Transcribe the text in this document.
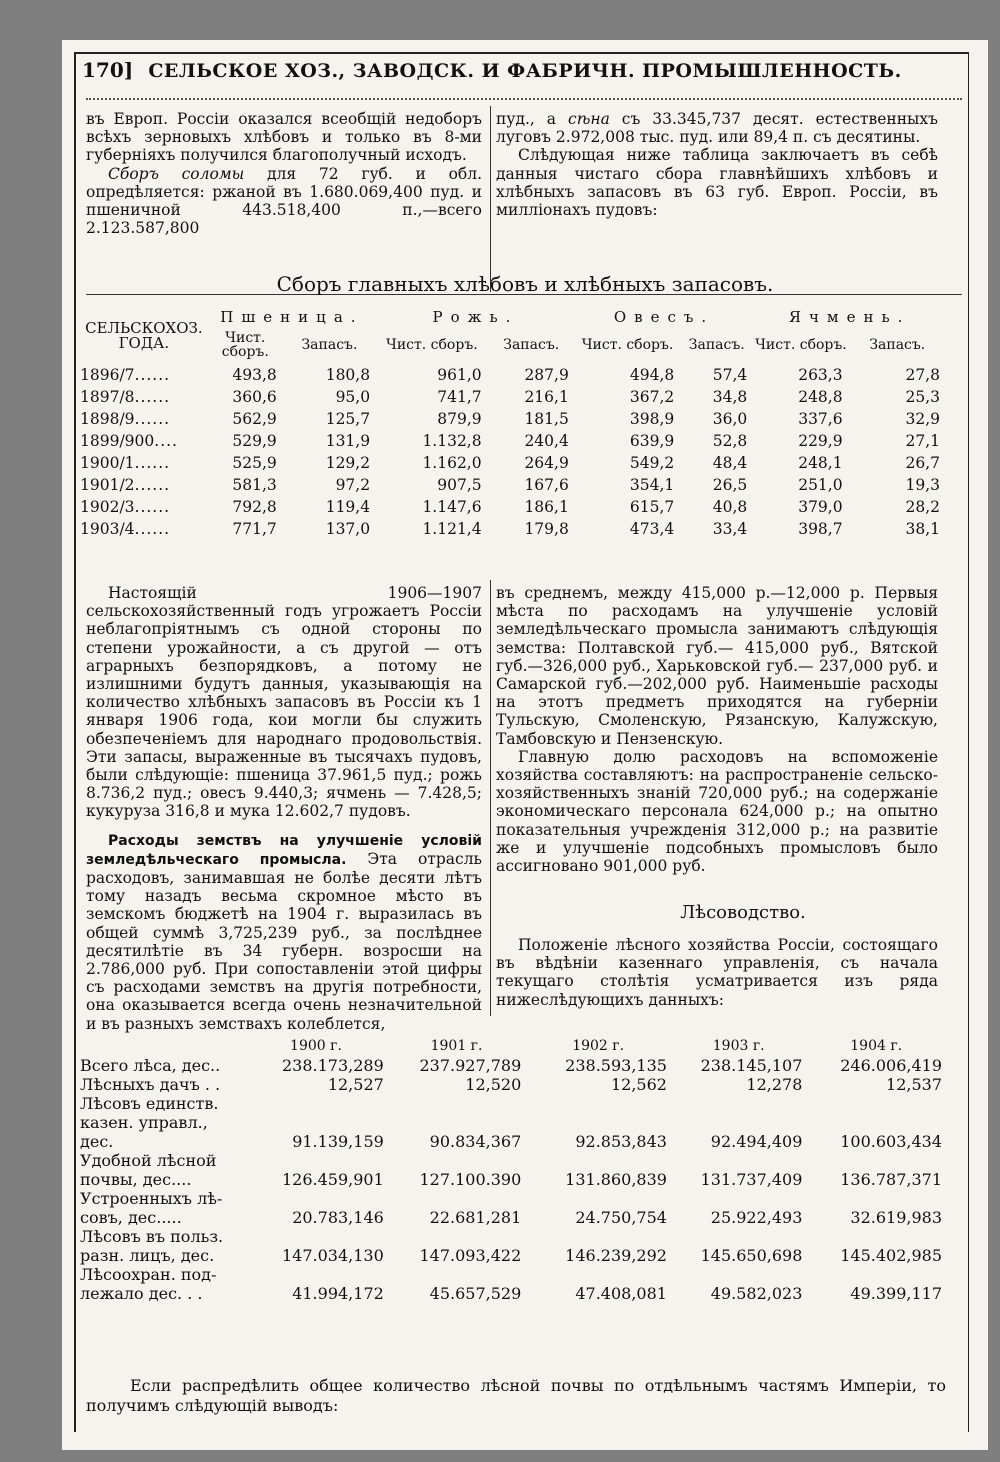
170] СЕЛЬСКОЕ ХОЗ., ЗАВОДСК. И ФАБРИЧН. ПРОМЫШЛЕННОСТЬ.

въ Европ. Россіи оказался всеобщій недоборъ всѣхъ зерновыхъ хлѣбовъ и только въ 8-ми губерніяхъ получился благополучный исходъ.

Сборъ соломы для 72 губ. и обл. опредѣляется: ржаной въ 1.680.069,400 пуд. и пшеничной 443.518,400 п.,—всего 2.123.587,800

пуд., а сѣна съ 33.345,737 десят. естественныхъ луговъ 2.972,008 тыс. пуд. или 89,4 п. съ десятины.

Слѣдующая ниже таблица заключаетъ въ себѣ данныя чистаго сбора главнѣйшихъ хлѣбовъ и хлѣбныхъ запасовъ въ 63 губ. Европ. Россіи, въ милліонахъ пудовъ:

Сборъ главныхъ хлѣбовъ и хлѣбныхъ запасовъ.
СЕЛЬСКОХОЗ. ГОДА.	Пшеница.		Рожь.		Овесъ.		Ячмень.	
	Чист. сборъ.	Запасъ.	Чист. сборъ.	Запасъ.	Чист. сборъ.	Запасъ.	Чист. сборъ.	Запасъ.
1896/7......	493,8	180,8	961,0	287,9	494,8	57,4	263,3	27,8
1897/8......	360,6	95,0	741,7	216,1	367,2	34,8	248,8	25,3
1898/9......	562,9	125,7	879,9	181,5	398,9	36,0	337,6	32,9
1899/900....	529,9	131,9	1.132,8	240,4	639,9	52,8	229,9	27,1
1900/1......	525,9	129,2	1.162,0	264,9	549,2	48,4	248,1	26,7
1901/2......	581,3	97,2	907,5	167,6	354,1	26,5	251,0	19,3
1902/3......	792,8	119,4	1.147,6	186,1	615,7	40,8	379,0	28,2
1903/4......	771,7	137,0	1.121,4	179,8	473,4	33,4	398,7	38,1

Настоящій 1906—1907 сельскохозяйственный годъ угрожаетъ Россіи неблагопріятнымъ съ одной стороны по степени урожайности, а съ другой — отъ аграрныхъ безпорядковъ, а потому не излишними будутъ данныя, указывающія на количество хлѣбныхъ запасовъ въ Россіи къ 1 января 1906 года, кои могли бы служить обезпеченіемъ для народнаго продовольствія. Эти запасы, выраженные въ тысячахъ пудовъ, были слѣдующіе: пшеница 37.961,5 пуд.; рожь 8.736,2 пуд.; овесъ 9.440,3; ячмень — 7.428,5; кукуруза 316,8 и мука 12.602,7 пудовъ.

Расходы земствъ на улучшеніе условій земледѣльческаго промысла. Эта отрасль расходовъ, занимавшая не болѣе десяти лѣтъ тому назадъ весьма скромное мѣсто въ земскомъ бюджетѣ на 1904 г. выразилась въ общей суммѣ 3,725,239 руб., за послѣднее десятилѣтіе въ 34 губерн. возросши на 2.786,000 руб. При сопоставленіи этой цифры съ расходами земствъ на другія потребности, она оказывается всегда очень незначительной и въ разныхъ земствахъ колеблется,

въ среднемъ, между 415,000 р.—12,000 р. Первыя мѣста по расходамъ на улучшеніе условій земледѣльческаго промысла занимаютъ слѣдующія земства: Полтавской губ.— 415,000 руб., Вятской губ.—326,000 руб., Харьковской губ.— 237,000 руб. и Самарской губ.—202,000 руб. Наименьшіе расходы на этотъ предметъ приходятся на губерніи Тульскую, Смоленскую, Рязанскую, Калужскую, Тамбовскую и Пензенскую.

Главную долю расходовъ на вспоможеніе хозяйства составляютъ: на распространеніе сельско-хозяйственныхъ знаній 720,000 руб.; на содержаніе экономическаго персонала 624,000 р.; на опытно показательныя учрежденія 312,000 р.; на развитіе же и улучшеніе подсобныхъ промысловъ было ассигновано 901,000 руб.

Лѣсоводство.

Положеніе лѣсного хозяйства Россіи, состоящаго въ вѣдѣніи казеннаго управленія, съ начала текущаго столѣтія усматривается изъ ряда нижеслѣдующихъ данныхъ:

	1900 г.	1901 г.	1902 г.	1903 г.	1904 г.

Всего лѣса, дес..	238.173,289	237.927,789	238.593,135	238.145,107	246.006,419

Лѣсныхъ дачъ . .	12,527	12,520	12,562	12,278	12,537

Лѣсовъ единств.
казен. управл.,
дес.	91.139,159	90.834,367	92.853,843	92.494,409	100.603,434

Удобной лѣсной
почвы, дес....	126.459,901	127.100.390	131.860,839	131.737,409	136.787,371

Устроенныхъ лѣ-
совъ, дес.....	20.783,146	22.681,281	24.750,754	25.922,493	32.619,983

Лѣсовъ въ польз.
разн. лицъ, дес.	147.034,130	147.093,422	146.239,292	145.650,698	145.402,985

Лѣсоохран. под-
лежало дес. . .	41.994,172	45.657,529	47.408,081	49.582,023	49.399,117

Если распредѣлить общее количество лѣсной почвы по отдѣльнымъ частямъ Имперіи, то получимъ слѣдующій выводъ:
